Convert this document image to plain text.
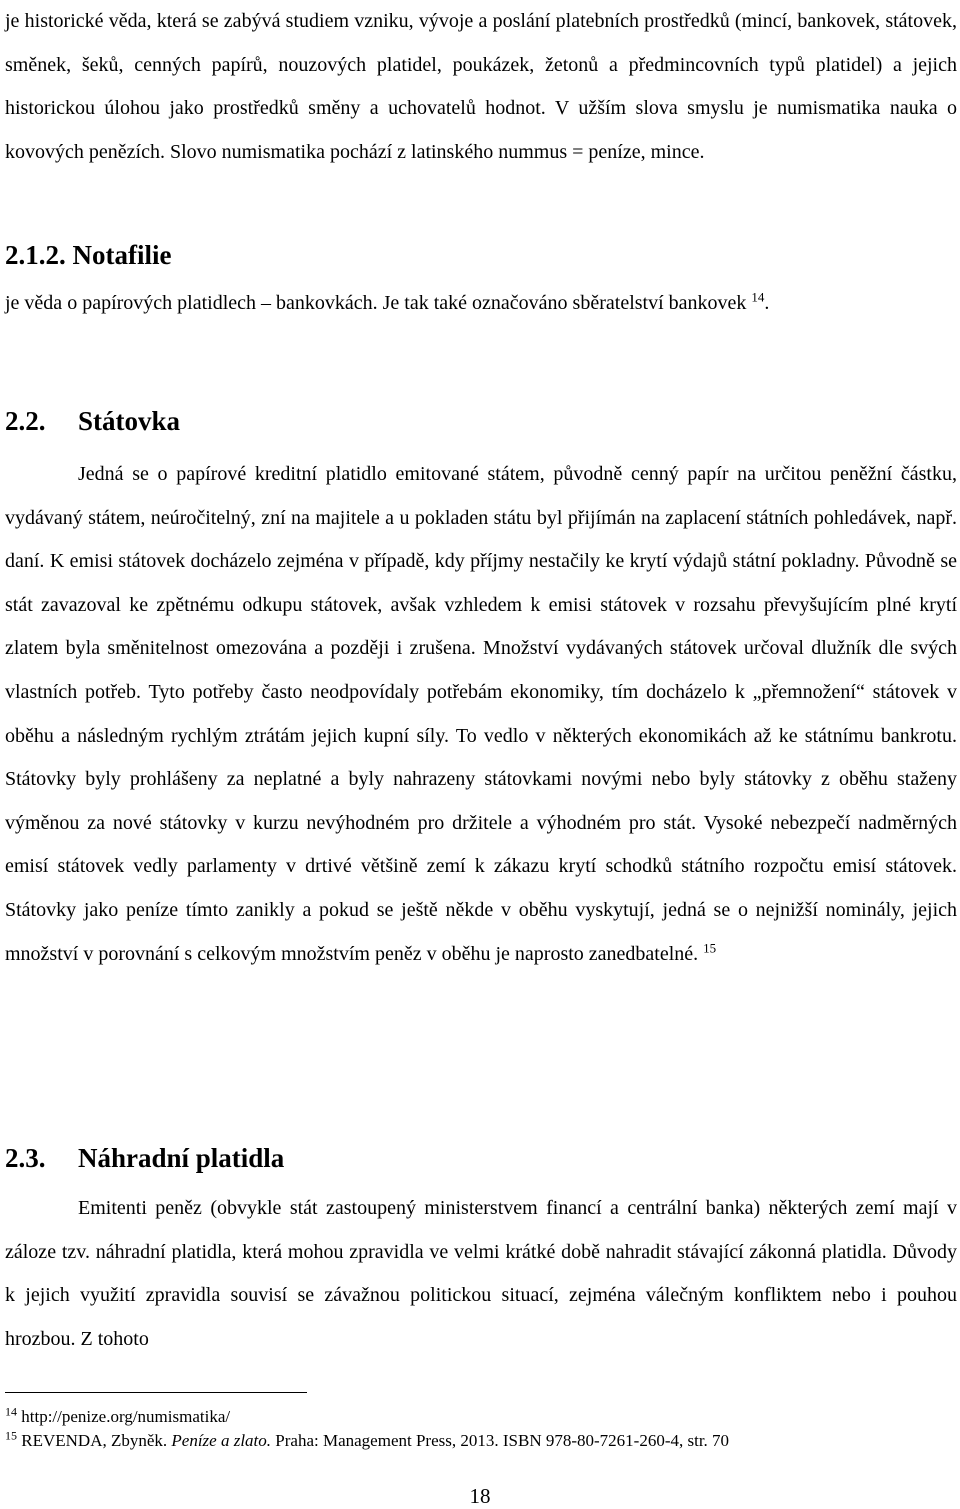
je historické věda, která se zabývá studiem vzniku, vývoje a poslání platebních prostředků (mincí, bankovek, státovek, směnek, šeků, cenných papírů, nouzových platidel, poukázek, žetonů a předmincovních typů platidel) a jejich historickou úlohou jako prostředků směny a uchovatelů hodnot. V užším slova smyslu je numismatika nauka o kovových penězích. Slovo numismatika pochází z latinského nummus = peníze, mince.

2.1.2. Notafilie

je věda o papírových platidlech – bankovkách. Je tak také označováno sběratelství bankovek $^{14}$.

2.2. Státovka

Jedná se o papírové kreditní platidlo emitované státem, původně cenný papír na určitou peněžní částku, vydávaný státem, neúročitelný, zní na majitele a u pokladen státu byl přijímán na zaplacení státních pohledávek, např. daní. K emisi státovek docházelo zejména v případě, kdy příjmy nestačily ke krytí výdajů státní pokladny. Původně se stát zavazoval ke zpětnému odkupu státovek, avšak vzhledem k emisi státovek v rozsahu převyšujícím plné krytí zlatem byla směnitelnost omezována a později i zrušena. Množství vydávaných státovek určoval dlužník dle svých vlastních potřeb. Tyto potřeby často neodpovídaly potřebám ekonomiky, tím docházelo k „přemnožení“ státovek v oběhu a následným rychlým ztrátám jejich kupní síly. To vedlo v některých ekonomikách až ke státnímu bankrotu. Státovky byly prohlášeny za neplatné a byly nahrazeny státovkami novými nebo byly státovky z oběhu staženy výměnou za nové státovky v kurzu nevýhodném pro držitele a výhodném pro stát. Vysoké nebezpečí nadměrných emisí státovek vedly parlamenty v drtivé většině zemí k zákazu krytí schodků státního rozpočtu emisí státovek. Státovky jako peníze tímto zanikly a pokud se ještě někde v oběhu vyskytují, jedná se o nejnižší nominály, jejich množství v porovnání s celkovým množstvím peněz v oběhu je naprosto zanedbatelné. $^{15}$

2.3. Náhradní platidla

Emitenti peněz (obvykle stát zastoupený ministerstvem financí a centrální banka) některých zemí mají v záloze tzv. náhradní platidla, která mohou zpravidla ve velmi krátké době nahradit stávající zákonná platidla. Důvody k jejich využití zpravidla souvisí se závažnou politickou situací, zejména válečným konfliktem nebo i pouhou hrozbou. Z tohoto

$^{14}$ http://penize.org/numismatika/
$^{15}$ REVENDA, Zbyněk. Peníze a zlato. Praha: Management Press, 2013. ISBN 978-80-7261-260-4, str. 70
18
